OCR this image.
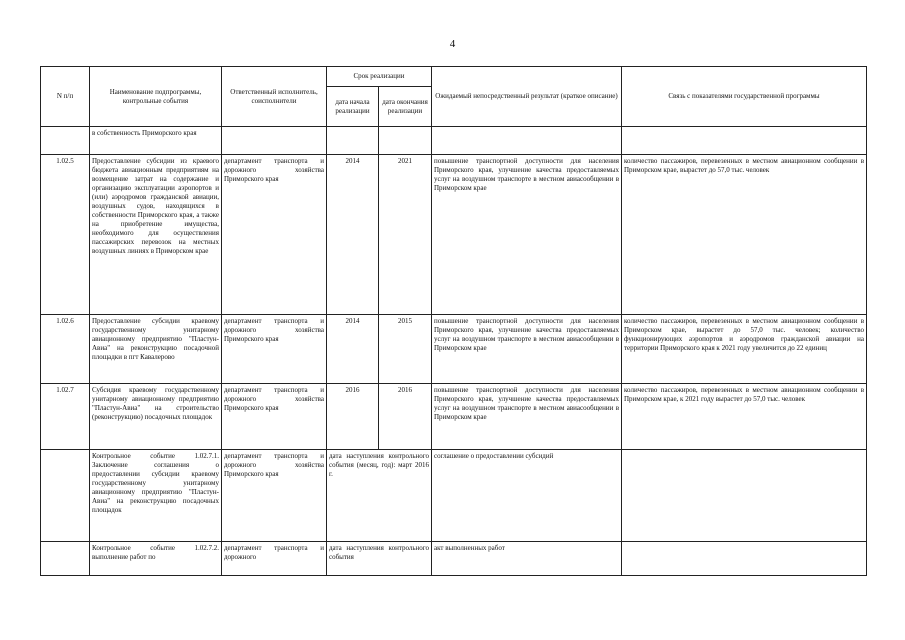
4
N п/п	Наименование подпрограммы, контрольные события	Ответственный исполнитель, соисполнители	Срок реализации		Ожидаемый непосредственный результат (краткое описание)	Связь с показателями государственной программы
			дата начала реализации	дата окончания реализации		
	в собственность Приморского края					
1.02.5	Предоставление субсидии из краевого бюджета авиационным предприятиям на возмещение затрат на содержание и организацию эксплуатации аэропортов и (или) аэродромов гражданской авиации, воздушных судов, находящихся в собственности Приморского края, а также на приобретение имущества, необходимого для осуществления пассажирских перевозок на местных воздушных линиях в Приморском крае	департамент транспорта и дорожного хозяйства Приморского края	2014	2021	повышение транспортной доступности для населения Приморского края, улучшение качества предоставляемых услуг на воздушном транспорте в местном авиасообщении в Приморском крае	количество пассажиров, перевезенных в местном авиационном сообщении в Приморском крае, вырастет до 57,0 тыс. человек
1.02.6	Предоставление субсидии краевому государственному унитарному авиационному предприятию "Пластун-Авиа" на реконструкцию посадочной площадки в пгт Кавалерово	департамент транспорта и дорожного хозяйства Приморского края	2014	2015	повышение транспортной доступности для населения Приморского края, улучшение качества предоставляемых услуг на воздушном транспорте в местном авиасообщении в Приморском крае	количество пассажиров, перевезенных в местном авиационном сообщении в Приморском крае, вырастет до 57,0 тыс. человек; количество функционирующих аэропортов и аэродромов гражданской авиации на территории Приморского края к 2021 году увеличится до 22 единиц
1.02.7	Субсидия краевому государственному унитарному авиационному предприятию "Пластун-Авиа" на строительство (реконструкцию) посадочных площадок	департамент транспорта и дорожного хозяйства Приморского края	2016	2016	повышение транспортной доступности для населения Приморского края, улучшение качества предоставляемых услуг на воздушном транспорте в местном авиасообщении в Приморском крае	количество пассажиров, перевезенных в местном авиационном сообщении в Приморском крае, к 2021 году вырастет до 57,0 тыс. человек
	Контрольное событие 1.02.7.1. Заключение соглашения о предоставлении субсидии краевому государственному унитарному авиационному предприятию "Пластун-Авиа" на реконструкцию посадочных площадок	департамент транспорта и дорожного хозяйства Приморского края	дата наступления контрольного события (месяц, год): март 2016 г.		соглашение о предоставлении субсидий	
	Контрольное событие 1.02.7.2. выполнение работ по	департамент транспорта и дорожного	дата наступления контрольного события		акт выполненных работ	
